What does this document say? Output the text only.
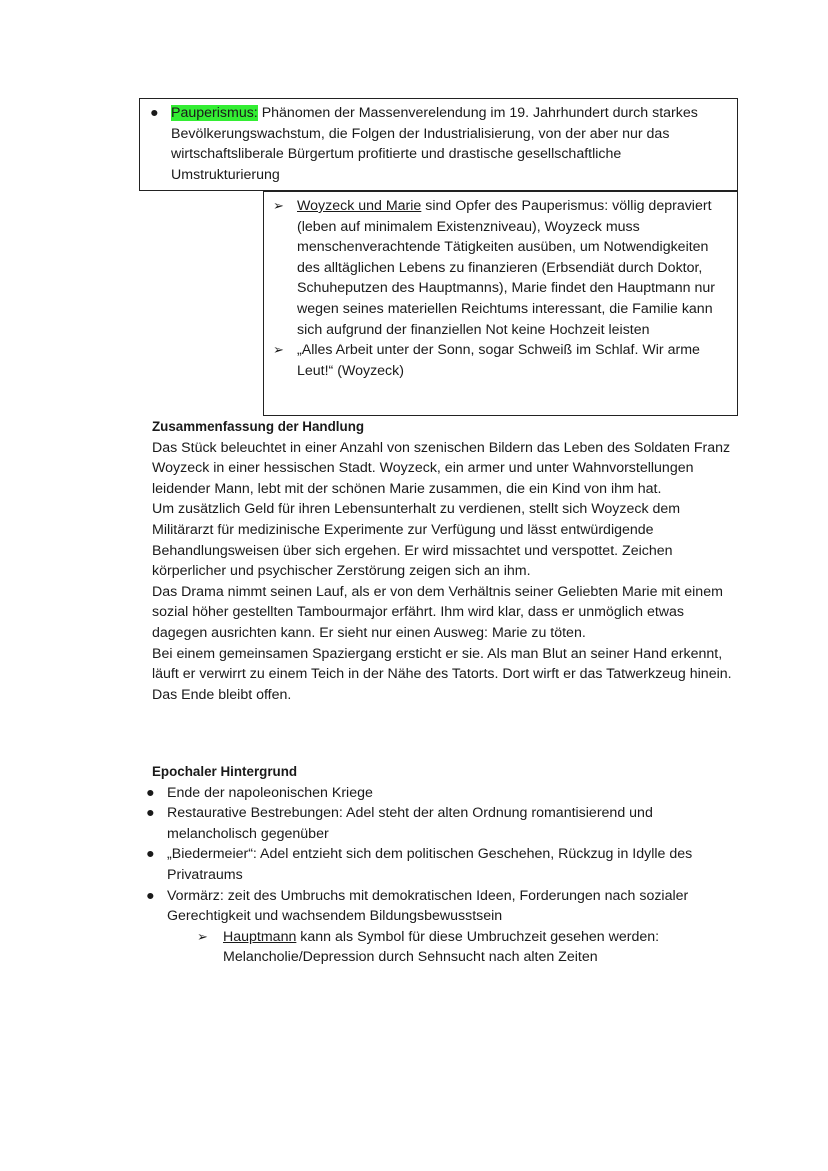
● Pauperismus: Phänomen der Massenverelendung im 19. Jahrhundert durch starkes Bevölkerungswachstum, die Folgen der Industrialisierung, von der aber nur das wirtschaftsliberale Bürgertum profitierte und drastische gesellschaftliche Umstrukturierung
➢ Woyzeck und Marie sind Opfer des Pauperismus: völlig depraviert (leben auf minimalem Existenzniveau), Woyzeck muss menschenverachtende Tätigkeiten ausüben, um Notwendigkeiten des alltäglichen Lebens zu finanzieren (Erbsendiät durch Doktor, Schuheputzen des Hauptmanns), Marie findet den Hauptmann nur wegen seines materiellen Reichtums interessant, die Familie kann sich aufgrund der finanziellen Not keine Hochzeit leisten
➢ „Alles Arbeit unter der Sonn, sogar Schweiß im Schlaf. Wir arme Leut!“ (Woyzeck)
Zusammenfassung der Handlung
Das Stück beleuchtet in einer Anzahl von szenischen Bildern das Leben des Soldaten Franz Woyzeck in einer hessischen Stadt. Woyzeck, ein armer und unter Wahnvorstellungen leidender Mann, lebt mit der schönen Marie zusammen, die ein Kind von ihm hat.
Um zusätzlich Geld für ihren Lebensunterhalt zu verdienen, stellt sich Woyzeck dem Militärarzt für medizinische Experimente zur Verfügung und lässt entwürdigende Behandlungsweisen über sich ergehen. Er wird missachtet und verspottet. Zeichen körperlicher und psychischer Zerstörung zeigen sich an ihm.
Das Drama nimmt seinen Lauf, als er von dem Verhältnis seiner Geliebten Marie mit einem sozial höher gestellten Tambourmajor erfährt. Ihm wird klar, dass er unmöglich etwas dagegen ausrichten kann. Er sieht nur einen Ausweg: Marie zu töten.
Bei einem gemeinsamen Spaziergang ersticht er sie. Als man Blut an seiner Hand erkennt, läuft er verwirrt zu einem Teich in der Nähe des Tatorts. Dort wirft er das Tatwerkzeug hinein. Das Ende bleibt offen.
Epochaler Hintergrund
● Ende der napoleonischen Kriege
● Restaurative Bestrebungen: Adel steht der alten Ordnung romantisierend und melancholisch gegenüber
● „Biedermeier“: Adel entzieht sich dem politischen Geschehen, Rückzug in Idylle des Privatraums
● Vormärz: zeit des Umbruchs mit demokratischen Ideen, Forderungen nach sozialer Gerechtigkeit und wachsendem Bildungsbewusstsein
➢ Hauptmann kann als Symbol für diese Umbruchzeit gesehen werden: Melancholie/Depression durch Sehnsucht nach alten Zeiten
